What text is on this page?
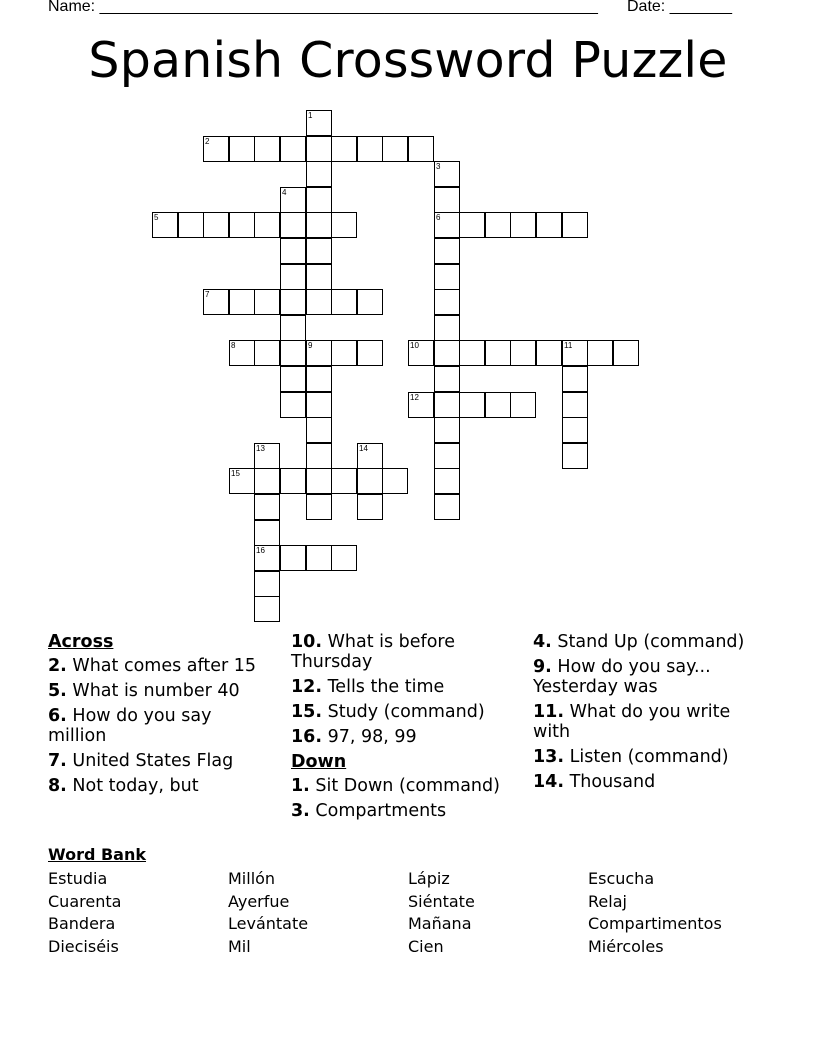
Name: ________________________________________________________ Date: _______
Spanish Crossword Puzzle
1
2
3
6
4
5
7
8	9	10	11
12
13
16
14
15
Across
2. What comes after 15
5. What is number 40
6. How do you say million
7. United States Flag
8. Not today, but
10. What is before Thursday
12. Tells the time
15. Study (command)
16. 97, 98, 99
Down
1. Sit Down (command)
3. Compartments
4. Stand Up (command)
9. How do you say... Yesterday was
11. What do you write with
13. Listen (command)
14. Thousand
Word Bank
Estudia	Millón	Lápiz	Escucha
Cuarenta	Ayerfue	Siéntate	Relaj
Bandera	Levántate	Mañana	Compartimentos
Dieciséis	Mil	Cien	Miércoles
